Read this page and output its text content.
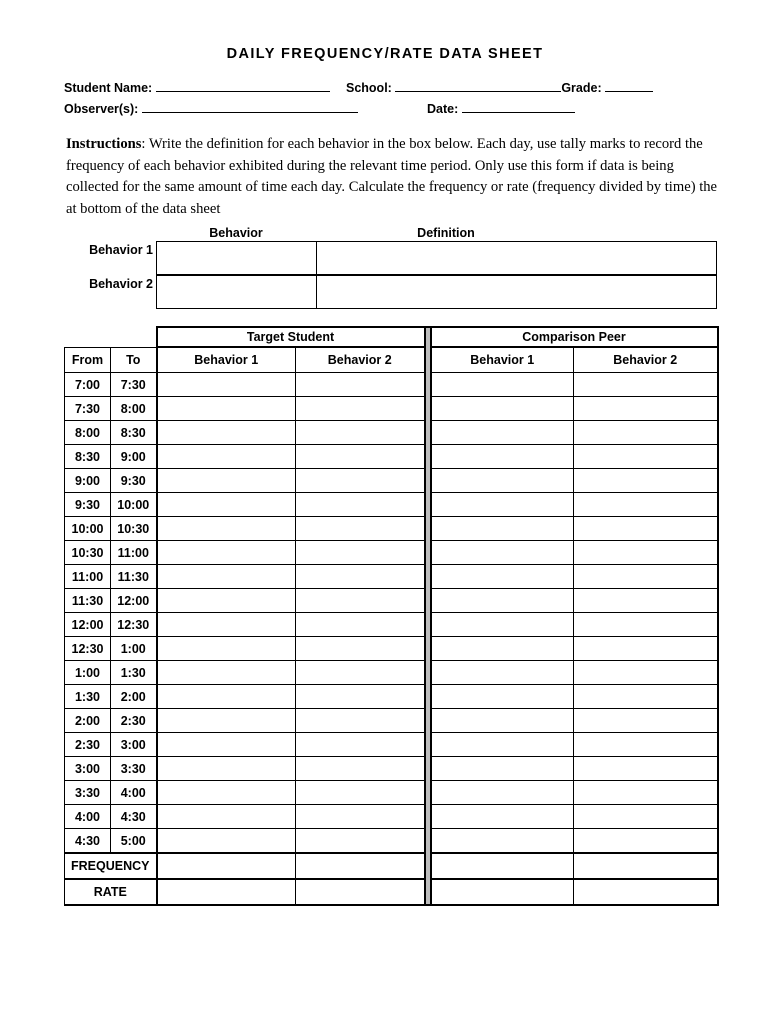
DAILY FREQUENCY/RATE DATA SHEET
Student Name:	School:	Grade:
Observer(s):	Date:
Instructions: Write the definition for each behavior in the box below. Each day, use tally marks to record the
frequency of each behavior exhibited during the relevant time period. Only use this form if data is being
collected for the same amount of time each day. Calculate the frequency or rate (frequency divided by time) the
at bottom of the data sheet
Behavior	Definition
Behavior 1
Behavior 2
		Target Student			Comparison Peer	
From	To	Behavior 1	Behavior 2		Behavior 1	Behavior 2
7:00	7:30					
7:30	8:00					
8:00	8:30					
8:30	9:00					
9:00	9:30					
9:30	10:00					
10:00	10:30					
10:30	11:00					
11:00	11:30					
11:30	12:00					
12:00	12:30					
12:30	1:00					
1:00	1:30					
1:30	2:00					
2:00	2:30					
2:30	3:00					
3:00	3:30					
3:30	4:00					
4:00	4:30					
4:30	5:00					
FREQUENCY						
RATE						
